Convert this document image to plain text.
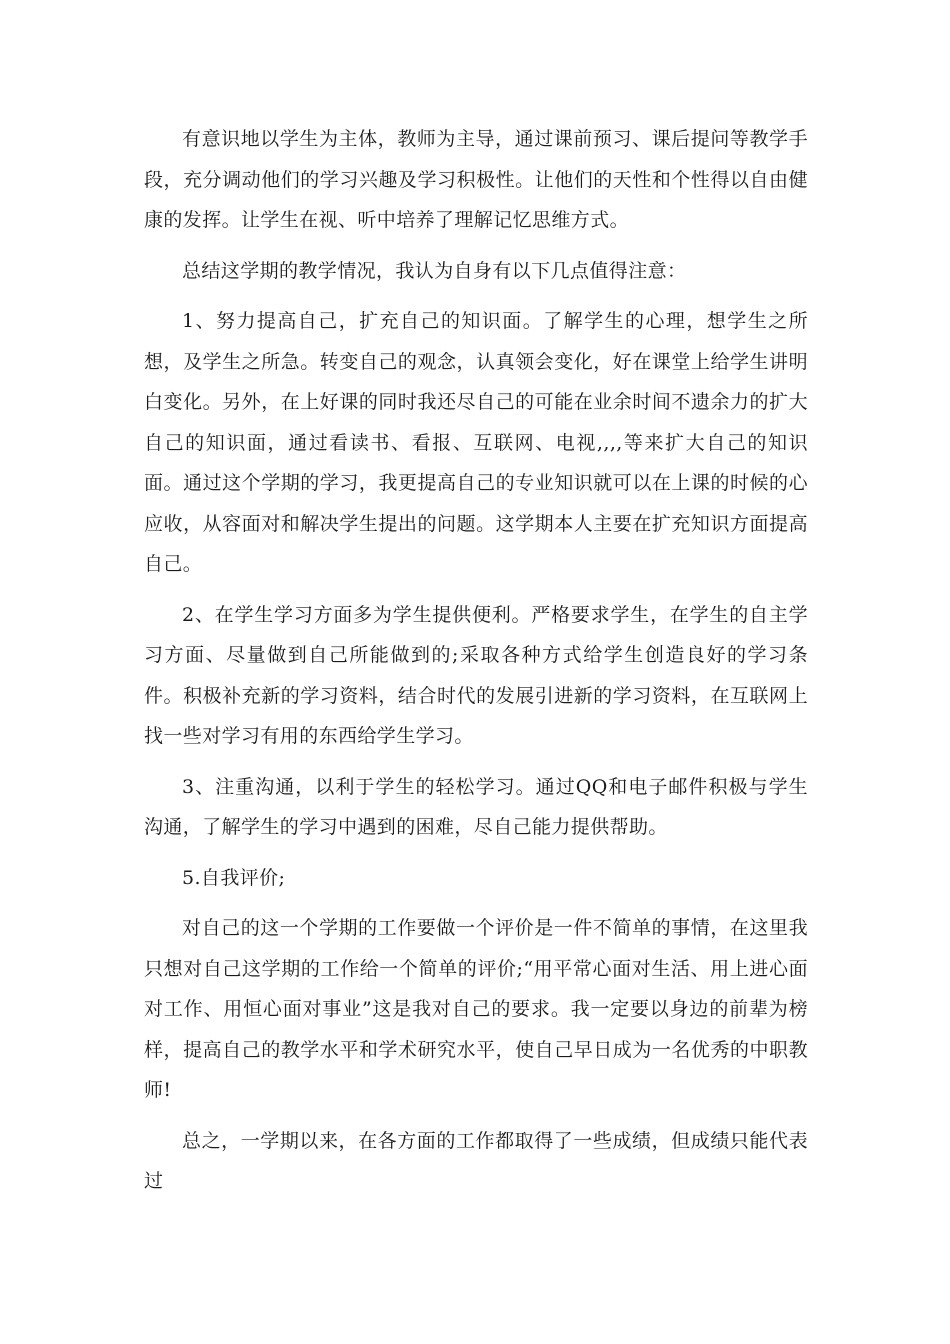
有意识地以学生为主体，教师为主导，通过课前预习、课后提问等教学手段，充分调动他们的学习兴趣及学习积极性。让他们的天性和个性得以自由健康的发挥。让学生在视、听中培养了理解记忆思维方式。

总结这学期的教学情况，我认为自身有以下几点值得注意：

1、努力提高自己，扩充自己的知识面。了解学生的心理，想学生之所想，及学生之所急。转变自己的观念，认真领会变化，好在课堂上给学生讲明白变化。另外，在上好课的同时我还尽自己的可能在业余时间不遗余力的扩大自己的知识面，通过看读书、看报、互联网、电视,,,,等来扩大自己的知识面。通过这个学期的学习，我更提高自己的专业知识就可以在上课的时候的心应收，从容面对和解决学生提出的问题。这学期本人主要在扩充知识方面提高自己。

2、在学生学习方面多为学生提供便利。严格要求学生，在学生的自主学习方面、尽量做到自己所能做到的;采取各种方式给学生创造良好的学习条件。积极补充新的学习资料，结合时代的发展引进新的学习资料，在互联网上找一些对学习有用的东西给学生学习。

3、注重沟通，以利于学生的轻松学习。通过QQ和电子邮件积极与学生沟通，了解学生的学习中遇到的困难，尽自己能力提供帮助。

5.自我评价;

对自己的这一个学期的工作要做一个评价是一件不简单的事情，在这里我只想对自己这学期的工作给一个简单的评价;“用平常心面对生活、用上进心面对工作、用恒心面对事业”这是我对自己的要求。我一定要以身边的前辈为榜样，提高自己的教学水平和学术研究水平，使自己早日成为一名优秀的中职教师!

总之，一学期以来，在各方面的工作都取得了一些成绩，但成绩只能代表过
